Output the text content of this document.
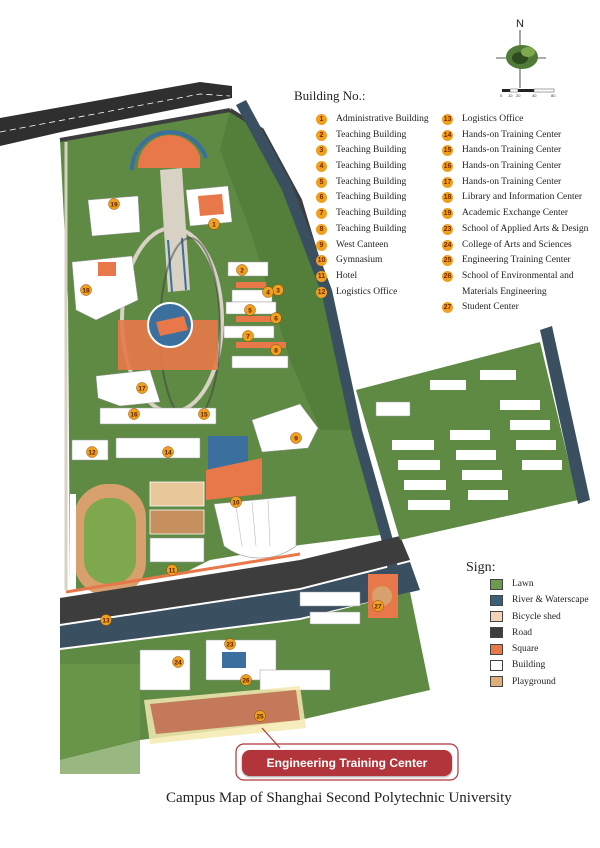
1
2
3
4
5
6
7
8
9
10
11
12
13
14
15
16
17
18
19
23
24
25
26
27
N
0 10 20	40	80
Building No.:
1	Administrative Building
2	Teaching Building
3	Teaching Building
4	Teaching Building
5	Teaching Building
6	Teaching Building
7	Teaching Building
8	Teaching Building
9	West Canteen
10 Gymnasium
11 Hotel
12 Logistics Office
13 Logistics Office
14 Hands-on Training Center
15 Hands-on Training Center
16 Hands-on Training Center
17 Hands-on Training Center
18 Library and Information Center
19 Academic Exchange Center
23 School of Applied Arts & Design
24 College of Arts and Sciences
25 Engineering Training Center
26 School of Environmental and
Materials Engineering
27 Student Center
Sign:
Lawn
River & Waterscape
Bicycle shed
Road
Square
Building
Playground
Engineering Training Center
Campus Map of Shanghai Second Polytechnic University
